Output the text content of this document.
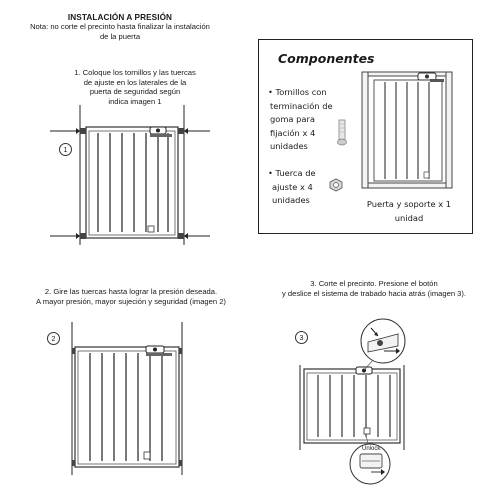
INSTALACIÓN A PRESIÓN
Nota: no corte el precinto hasta finalizar la instalación
de la puerta
1. Coloque los tornillos y las tuercas
de ajuste en los laterales de la
puerta de seguridad según
indica imagen 1
1
Componentes
• Tornillos con
terminación de
goma para
fijación x 4
unidades
• Tuerca de
ajuste x 4
unidades	Puerta y soporte x 1
unidad
2. Gire las tuercas hasta lograr la presión deseada.
A mayor presión, mayor sujeción y seguridad (imagen 2)
2
3. Corte el precinto. Presione el botón
y deslice el sistema de trabado hacia atrás (imagen 3).
3
Unlock
